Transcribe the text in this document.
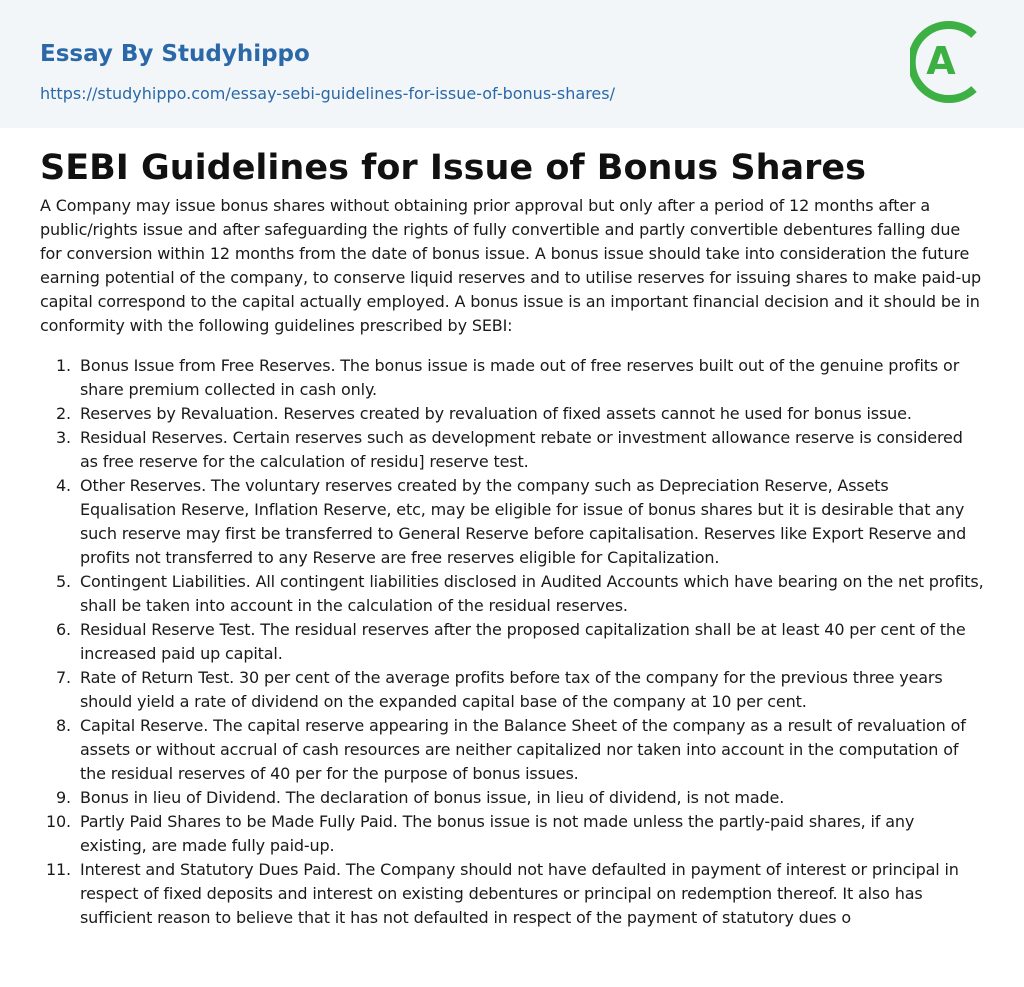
Essay By Studyhippo
https://studyhippo.com/essay-sebi-guidelines-for-issue-of-bonus-shares/
A
SEBI Guidelines for Issue of Bonus Shares

A Company may issue bonus shares without obtaining prior approval but only after a period of 12 months after a public/rights issue and after safeguarding the rights of fully convertible and partly convertible debentures falling due for conversion within 12 months from the date of bonus issue. A bonus issue should take into consideration the future earning potential of the company, to conserve liquid reserves and to utilise reserves for issuing shares to make paid-up capital correspond to the capital actually employed. A bonus issue is an important financial decision and it should be in conformity with the following guidelines prescribed by SEBI:

1. Bonus Issue from Free Reserves. The bonus issue is made out of free reserves built out of the genuine profits or share premium collected in cash only.
2. Reserves by Revaluation. Reserves created by revaluation of fixed assets cannot he used for bonus issue.
3. Residual Reserves. Certain reserves such as development rebate or investment allowance reserve is considered as free reserve for the calculation of residu] reserve test.
4. Other Reserves. The voluntary reserves created by the company such as Depreciation Reserve, Assets Equalisation Reserve, Inflation Reserve, etc, may be eligible for issue of bonus shares but it is desirable that any such reserve may first be transferred to General Reserve before capitalisation. Reserves like Export Reserve and profits not transferred to any Reserve are free reserves eligible for Capitalization.
5. Contingent Liabilities. All contingent liabilities disclosed in Audited Accounts which have bearing on the net profits, shall be taken into account in the calculation of the residual reserves.
6. Residual Reserve Test. The residual reserves after the proposed capitalization shall be at least 40 per cent of the increased paid up capital.
7. Rate of Return Test. 30 per cent of the average profits before tax of the company for the previous three years should yield a rate of dividend on the expanded capital base of the company at 10 per cent.
8. Capital Reserve. The capital reserve appearing in the Balance Sheet of the company as a result of revaluation of assets or without accrual of cash resources are neither capitalized nor taken into account in the computation of the residual reserves of 40 per for the purpose of bonus issues.
9. Bonus in lieu of Dividend. The declaration of bonus issue, in lieu of dividend, is not made.
10. Partly Paid Shares to be Made Fully Paid. The bonus issue is not made unless the partly-paid shares, if any existing, are made fully paid-up.
11. Interest and Statutory Dues Paid. The Company should not have defaulted in payment of interest or principal in respect of fixed deposits and interest on existing debentures or principal on redemption thereof. It also has sufficient reason to believe that it has not defaulted in respect of the payment of statutory dues o
